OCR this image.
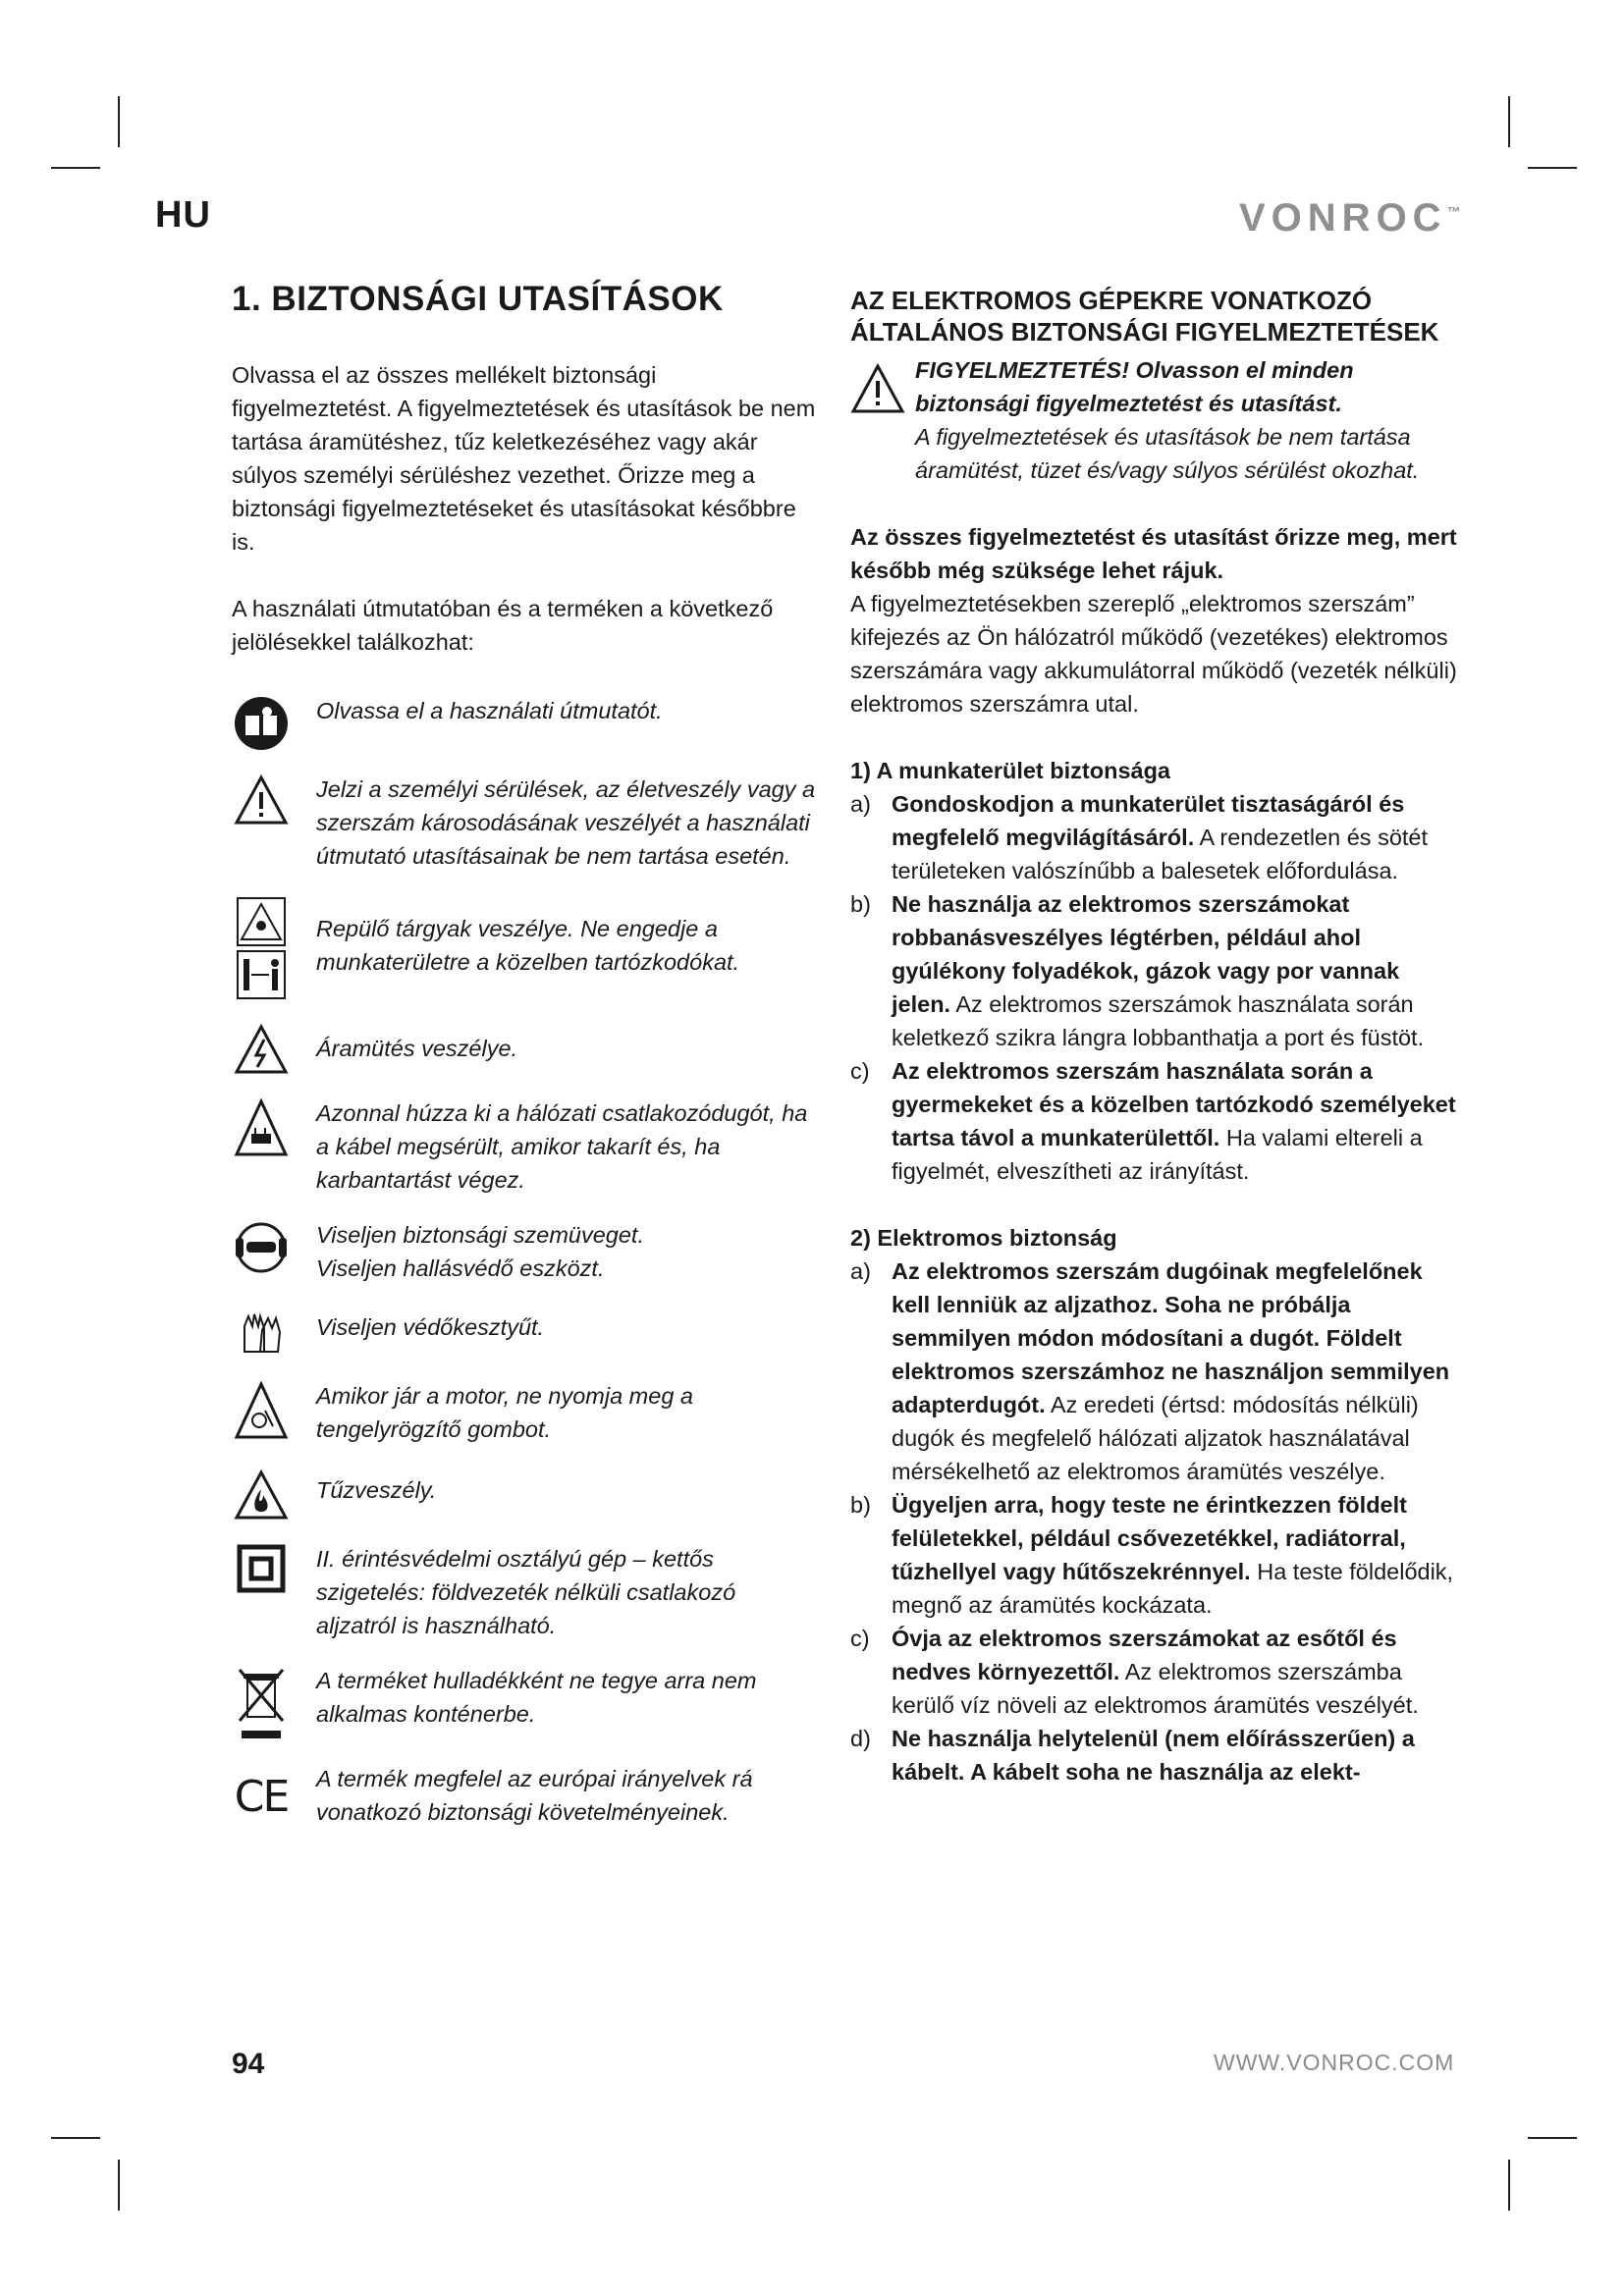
HU	VONROC™
1. BIZTONSÁGI UTASÍTÁSOK

Olvassa el az összes mellékelt biztonsági figyelmeztetést. A figyelmeztetések és utasítások be nem tartása áramütéshez, tűz keletkezéséhez vagy akár súlyos személyi sérüléshez vezethet. Őrizze meg a biztonsági figyelmeztetéseket és utasításokat későbbre is.

A használati útmutatóban és a terméken a következő jelölésekkel találkozhat:

Olvassa el a használati útmutatót.
Jelzi a személyi sérülések, az életveszély vagy a szerszám károsodásának veszélyét a használati útmutató utasításainak be nem tartása esetén.
Repülő tárgyak veszélye. Ne engedje a munkaterületre a közelben tartózkodókat.
Áramütés veszélye.
Azonnal húzza ki a hálózati csatlakozódugót, ha a kábel megsérült, amikor takarít és, ha karbantartást végez.
Viseljen biztonsági szemüveget.
Viseljen hallásvédő eszközt.
Viseljen védőkesztyűt.
Amikor jár a motor, ne nyomja meg a tengelyrögzítő gombot.
Tűzveszély.
II. érintésvédelmi osztályú gép – kettős szigetelés: földvezeték nélküli csatlakozó aljzatról is használható.
A terméket hulladékként ne tegye arra nem alkalmas konténerbe.
CE A termék megfelel az európai irányelvek rá vonatkozó biztonsági követelményeinek.
AZ ELEKTROMOS GÉPEKRE VONATKOZÓ ÁLTALÁNOS BIZTONSÁGI FIGYELMEZTETÉSEK
FIGYELMEZTETÉS! Olvasson el minden biztonsági figyelmeztetést és utasítást.
A figyelmeztetések és utasítások be nem tartása áramütést, tüzet és/vagy súlyos sérülést okozhat.

Az összes figyelmeztetést és utasítást őrizze meg, mert később még szüksége lehet rájuk.

A figyelmeztetésekben szereplő „elektromos szerszám” kifejezés az Ön hálózatról működő (vezetékes) elektromos szerszámára vagy akkumulátorral működő (vezeték nélküli) elektromos szerszámra utal.

1) A munkaterület biztonsága
a) Gondoskodjon a munkaterület tisztaságáról és megfelelő megvilágításáról. A rendezetlen és sötét területeken valószínűbb a balesetek előfordulása.
b) Ne használja az elektromos szerszámokat robbanásveszélyes légtérben, például ahol gyúlékony folyadékok, gázok vagy por vannak jelen. Az elektromos szerszámok használata során keletkező szikra lángra lobbanthatja a port és füstöt.
c) Az elektromos szerszám használata során a gyermekeket és a közelben tartózkodó személyeket tartsa távol a munkaterülettől. Ha valami eltereli a figyelmét, elveszítheti az irányítást.
2) Elektromos biztonság
a) Az elektromos szerszám dugóinak megfelelőnek kell lenniük az aljzathoz. Soha ne próbálja semmilyen módon módosítani a dugót. Földelt elektromos szerszámhoz ne használjon semmilyen adapterdugót. Az eredeti (értsd: módosítás nélküli) dugók és megfelelő hálózati aljzatok használatával mérsékelhető az elektromos áramütés veszélye.
b) Ügyeljen arra, hogy teste ne érintkezzen földelt felületekkel, például csővezetékkel, radiátorral, tűzhellyel vagy hűtőszekrénnyel. Ha teste földelődik, megnő az áramütés kockázata.
c) Óvja az elektromos szerszámokat az esőtől és nedves környezettől. Az elektromos szerszámba kerülő víz növeli az elektromos áramütés veszélyét.
d) Ne használja helytelenül (nem előírásszerűen) a kábelt. A kábelt soha ne használja az elekt-
94	WWW.VONROC.COM
